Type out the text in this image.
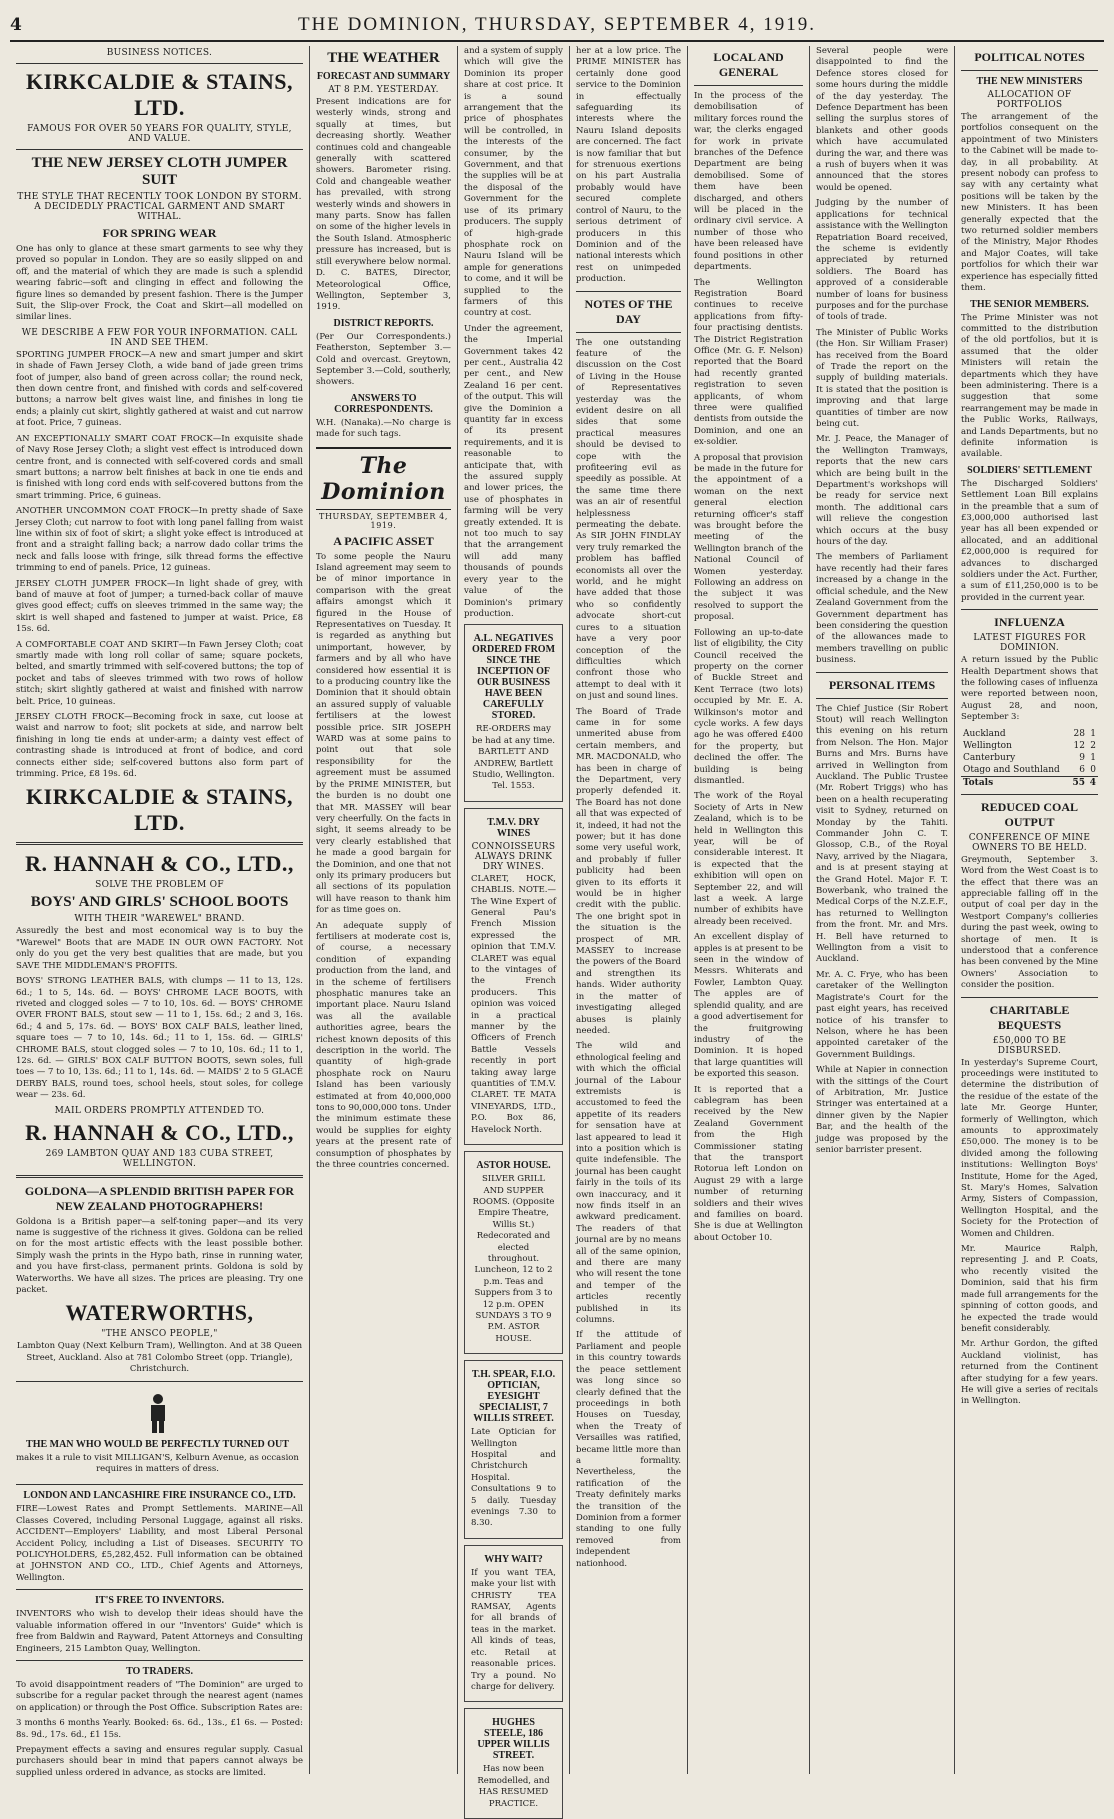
4	THE DOMINION, THURSDAY, SEPTEMBER 4, 1919.
BUSINESS NOTICES.
KIRKCALDIE & STAINS, LTD.
FAMOUS FOR OVER 50 YEARS FOR QUALITY, STYLE, AND VALUE.
THE NEW JERSEY CLOTH JUMPER SUIT
THE STYLE THAT RECENTLY TOOK LONDON BY STORM. A DECIDEDLY PRACTICAL GARMENT AND SMART WITHAL.
FOR SPRING WEAR

One has only to glance at these smart garments to see why they proved so popular in London. They are so easily slipped on and off, and the material of which they are made is such a splendid wearing fabric—soft and clinging in effect and following the figure lines so demanded by present fashion. There is the Jumper Suit, the Slip-over Frock, the Coat and Skirt—all modelled on similar lines.

WE DESCRIBE A FEW FOR YOUR INFORMATION. CALL IN AND SEE THEM.

SPORTING JUMPER FROCK—A new and smart jumper and skirt in shade of Fawn Jersey Cloth, a wide band of jade green trims foot of jumper, also band of green across collar; the round neck, then down centre front, and finished with cords and self-covered buttons; a narrow belt gives waist line, and finishes in long tie ends; a plainly cut skirt, slightly gathered at waist and cut narrow at foot. Price, 7 guineas.

AN EXCEPTIONALLY SMART COAT FROCK—In exquisite shade of Navy Rose Jersey Cloth; a slight vest effect is introduced down centre front, and is connected with self-covered cords and small smart buttons; a narrow belt finishes at back in one tie ends and is finished with long cord ends with self-covered buttons from the smart trimming. Price, 6 guineas.

ANOTHER UNCOMMON COAT FROCK—In pretty shade of Saxe Jersey Cloth; cut narrow to foot with long panel falling from waist line within six of foot of skirt; a slight yoke effect is introduced at front and a straight falling back; a narrow dado collar trims the neck and falls loose with fringe, silk thread forms the effective trimming to end of panels. Price, 12 guineas.

JERSEY CLOTH JUMPER FROCK—In light shade of grey, with band of mauve at foot of jumper; a turned-back collar of mauve gives good effect; cuffs on sleeves trimmed in the same way; the skirt is well shaped and fastened to jumper at waist. Price, £8 15s. 6d.

A COMFORTABLE COAT AND SKIRT—In Fawn Jersey Cloth; coat smartly made with long roll collar of same; square pockets, belted, and smartly trimmed with self-covered buttons; the top of pocket and tabs of sleeves trimmed with two rows of hollow stitch; skirt slightly gathered at waist and finished with narrow belt. Price, 10 guineas.

JERSEY CLOTH FROCK—Becoming frock in saxe, cut loose at waist and narrow to foot; slit pockets at side, and narrow belt finishing in long tie ends at under-arm; a dainty vest effect of contrasting shade is introduced at front of bodice, and cord connects either side; self-covered buttons also form part of trimming. Price, £8 19s. 6d.

KIRKCALDIE & STAINS, LTD.
R. HANNAH & CO., LTD.,
SOLVE THE PROBLEM OF
BOYS' AND GIRLS' SCHOOL BOOTS
WITH THEIR "WAREWEL" BRAND.

Assuredly the best and most economical way is to buy the "Warewel" Boots that are MADE IN OUR OWN FACTORY. Not only do you get the very best qualities that are made, but you SAVE THE MIDDLEMAN'S PROFITS.

BOYS' STRONG LEATHER BALS, with clumps — 11 to 13, 12s. 6d.; 1 to 5, 14s. 6d. — BOYS' CHROME LACE BOOTS, with riveted and clogged soles — 7 to 10, 10s. 6d. — BOYS' CHROME OVER FRONT BALS, stout sew — 11 to 1, 15s. 6d.; 2 and 3, 16s. 6d.; 4 and 5, 17s. 6d. — BOYS' BOX CALF BALS, leather lined, square toes — 7 to 10, 14s. 6d.; 11 to 1, 15s. 6d. — GIRLS' CHROME BALS, stout clogged soles — 7 to 10, 10s. 6d.; 11 to 1, 12s. 6d. — GIRLS' BOX CALF BUTTON BOOTS, sewn soles, full toes — 7 to 10, 13s. 6d.; 11 to 1, 14s. 6d. — MAIDS' 2 to 5 GLACÉ DERBY BALS, round toes, school heels, stout soles, for college wear — 23s. 6d.

MAIL ORDERS PROMPTLY ATTENDED TO.
R. HANNAH & CO., LTD.,
269 LAMBTON QUAY AND 183 CUBA STREET, WELLINGTON.
GOLDONA—A SPLENDID BRITISH PAPER FOR NEW ZEALAND PHOTOGRAPHERS!

Goldona is a British paper—a self-toning paper—and its very name is suggestive of the richness it gives. Goldona can be relied on for the most artistic effects with the least possible bother. Simply wash the prints in the Hypo bath, rinse in running water, and you have first-class, permanent prints. Goldona is sold by Waterworths. We have all sizes. The prices are pleasing. Try one packet.

WATERWORTHS,
"THE ANSCO PEOPLE,"

Lambton Quay (Next Kelburn Tram), Wellington. And at 38 Queen Street, Auckland. Also at 781 Colombo Street (opp. Triangle), Christchurch.

THE MAN WHO WOULD BE PERFECTLY TURNED OUT

makes it a rule to visit MILLIGAN'S, Kelburn Avenue, as occasion requires in matters of dress.

LONDON AND LANCASHIRE FIRE INSURANCE CO., LTD.

FIRE—Lowest Rates and Prompt Settlements. MARINE—All Classes Covered, including Personal Luggage, against all risks. ACCIDENT—Employers' Liability, and most Liberal Personal Accident Policy, including a List of Diseases. SECURITY TO POLICYHOLDERS, £5,282,452. Full information can be obtained at JOHNSTON AND CO., LTD., Chief Agents and Attorneys, Wellington.

IT'S FREE TO INVENTORS.

INVENTORS who wish to develop their ideas should have the valuable information offered in our "Inventors' Guide" which is free from Baldwin and Rayward, Patent Attorneys and Consulting Engineers, 215 Lambton Quay, Wellington.

TO TRADERS.

To avoid disappointment readers of "The Dominion" are urged to subscribe for a regular packet through the nearest agent (names on application) or through the Post Office. Subscription Rates are:

3 months 6 months Yearly. Booked: 6s. 6d., 13s., £1 6s. — Posted: 8s. 9d., 17s. 6d., £1 15s.

Prepayment effects a saving and ensures regular supply. Casual purchasers should bear in mind that papers cannot always be supplied unless ordered in advance, as stocks are limited.

THE WEATHER
FORECAST AND SUMMARY
AT 8 P.M. YESTERDAY.

Present indications are for westerly winds, strong and squally at times, but decreasing shortly. Weather continues cold and changeable generally with scattered showers. Barometer rising. Cold and changeable weather has prevailed, with strong westerly winds and showers in many parts. Snow has fallen on some of the higher levels in the South Island. Atmospheric pressure has increased, but is still everywhere below normal. D. C. BATES, Director, Meteorological Office, Wellington, September 3, 1919.

DISTRICT REPORTS.

(Per Our Correspondents.) Featherston, September 3.—Cold and overcast. Greytown, September 3.—Cold, southerly, showers.

ANSWERS TO CORRESPONDENTS.

W.H. (Nanaka).—No charge is made for such tags.

The Dominion
THURSDAY, SEPTEMBER 4, 1919.
A PACIFIC ASSET

To some people the Nauru Island agreement may seem to be of minor importance in comparison with the great affairs amongst which it figured in the House of Representatives on Tuesday. It is regarded as anything but unimportant, however, by farmers and by all who have considered how essential it is to a producing country like the Dominion that it should obtain an assured supply of valuable fertilisers at the lowest possible price. SIR JOSEPH WARD was at some pains to point out that sole responsibility for the agreement must be assumed by the PRIME MINISTER, but the burden is no doubt one that MR. MASSEY will bear very cheerfully. On the facts in sight, it seems already to be very clearly established that he made a good bargain for the Dominion, and one that not only its primary producers but all sections of its population will have reason to thank him for as time goes on.

An adequate supply of fertilisers at moderate cost is, of course, a necessary condition of expanding production from the land, and in the scheme of fertilisers phosphatic manures take an important place. Nauru Island was all the available authorities agree, bears the richest known deposits of this description in the world. The quantity of high-grade phosphate rock on Nauru Island has been variously estimated at from 40,000,000 tons to 90,000,000 tons. Under the minimum estimate these would be supplies for eighty years at the present rate of consumption of phosphates by the three countries concerned.

and a system of supply which will give the Dominion its proper share at cost price. It is a sound arrangement that the price of phosphates will be controlled, in the interests of the consumer, by the Government, and that the supplies will be at the disposal of the Government for the use of its primary producers. The supply of high-grade phosphate rock on Nauru Island will be ample for generations to come, and it will be supplied to the farmers of this country at cost.

Under the agreement, the Imperial Government takes 42 per cent., Australia 42 per cent., and New Zealand 16 per cent. of the output. This will give the Dominion a quantity far in excess of its present requirements, and it is reasonable to anticipate that, with the assured supply and lower prices, the use of phosphates in farming will be very greatly extended. It is not too much to say that the arrangement will add many thousands of pounds every year to the value of the Dominion's primary production.

A.L. NEGATIVES ORDERED FROM SINCE THE INCEPTION OF OUR BUSINESS HAVE BEEN CAREFULLY STORED.

RE-ORDERS may be had at any time. BARTLETT AND ANDREW, Bartlett Studio, Wellington. Tel. 1553.

T.M.V. DRY WINES
CONNOISSEURS ALWAYS DRINK DRY WINES.

CLARET, HOCK, CHABLIS. NOTE.—The Wine Expert of General Pau's French Mission expressed the opinion that T.M.V. CLARET was equal to the vintages of the French producers. This opinion was voiced in a practical manner by the Officers of French Battle Vessels recently in port taking away large quantities of T.M.V. CLARET. TE MATA VINEYARDS, LTD., P.O. Box 86, Havelock North.

ASTOR HOUSE.

SILVER GRILL AND SUPPER ROOMS. (Opposite Empire Theatre, Willis St.) Redecorated and elected throughout. Luncheon, 12 to 2 p.m. Teas and Suppers from 3 to 12 p.m. OPEN SUNDAYS 3 TO 9 P.M. ASTOR HOUSE.

T.H. SPEAR, F.I.O. OPTICIAN, EYESIGHT SPECIALIST, 7 WILLIS STREET.

Late Optician for Wellington Hospital and Christchurch Hospital. Consultations 9 to 5 daily. Tuesday evenings 7.30 to 8.30.

WHY WAIT?

If you want TEA, make your list with CHRISTY TEA RAMSAY, Agents for all brands of teas in the market. All kinds of teas, etc. Retail at reasonable prices. Try a pound. No charge for delivery.

HUGHES STEELE, 186 UPPER WILLIS STREET.

Has now been Remodelled, and HAS RESUMED PRACTICE.

her at a low price. The PRIME MINISTER has certainly done good service to the Dominion in effectually safeguarding its interests where the Nauru Island deposits are concerned. The fact is now familiar that but for strenuous exertions on his part Australia probably would have secured complete control of Nauru, to the serious detriment of producers in this Dominion and of the national interests which rest on unimpeded production.

NOTES OF THE DAY

The one outstanding feature of the discussion on the Cost of Living in the House of Representatives yesterday was the evident desire on all sides that some practical measures should be devised to cope with the profiteering evil as speedily as possible. At the same time there was an air of resentful helplessness permeating the debate. As SIR JOHN FINDLAY very truly remarked the problem has baffled economists all over the world, and he might have added that those who so confidently advocate short-cut cures to a situation have a very poor conception of the difficulties which confront those who attempt to deal with it on just and sound lines.

The Board of Trade came in for some unmerited abuse from certain members, and MR. MACDONALD, who has been in charge of the Department, very properly defended it. The Board has not done all that was expected of it, indeed, it had not the power; but it has done some very useful work, and probably if fuller publicity had been given to its efforts it would be in higher credit with the public. The one bright spot in the situation is the prospect of MR. MASSEY to increase the powers of the Board and strengthen its hands. Wider authority in the matter of investigating alleged abuses is plainly needed.

The wild and ethnological feeling and with which the official journal of the Labour extremists is accustomed to feed the appetite of its readers for sensation have at last appeared to lead it into a position which is quite indefensible. The journal has been caught fairly in the toils of its own inaccuracy, and it now finds itself in an awkward predicament. The readers of that journal are by no means all of the same opinion, and there are many who will resent the tone and temper of the articles recently published in its columns.

If the attitude of Parliament and people in this country towards the peace settlement was long since so clearly defined that the proceedings in both Houses on Tuesday, when the Treaty of Versailles was ratified, became little more than a formality. Nevertheless, the ratification of the Treaty definitely marks the transition of the Dominion from a former standing to one fully removed from independent nationhood.

LOCAL AND GENERAL

In the process of the demobilisation of military forces round the war, the clerks engaged for work in private branches of the Defence Department are being demobilised. Some of them have been discharged, and others will be placed in the ordinary civil service. A number of those who have been released have found positions in other departments.

The Wellington Registration Board continues to receive applications from fifty-four practising dentists. The District Registration Office (Mr. G. F. Nelson) reported that the Board had recently granted registration to seven applicants, of whom three were qualified dentists from outside the Dominion, and one an ex-soldier.

A proposal that provision be made in the future for the appointment of a woman on the next general election returning officer's staff was brought before the meeting of the Wellington branch of the National Council of Women yesterday. Following an address on the subject it was resolved to support the proposal.

Following an up-to-date list of eligibility, the City Council received the property on the corner of Buckle Street and Kent Terrace (two lots) occupied by Mr. E. A. Wilkinson's motor and cycle works. A few days ago he was offered £400 for the property, but declined the offer. The building is being dismantled.

The work of the Royal Society of Arts in New Zealand, which is to be held in Wellington this year, will be of considerable interest. It is expected that the exhibition will open on September 22, and will last a week. A large number of exhibits have already been received.

An excellent display of apples is at present to be seen in the window of Messrs. Whiterats and Fowler, Lambton Quay. The apples are of splendid quality, and are a good advertisement for the fruitgrowing industry of the Dominion. It is hoped that large quantities will be exported this season.

It is reported that a cablegram has been received by the New Zealand Government from the High Commissioner stating that the transport Rotorua left London on August 29 with a large number of returning soldiers and their wives and families on board. She is due at Wellington about October 10.

Several people were disappointed to find the Defence stores closed for some hours during the middle of the day yesterday. The Defence Department has been selling the surplus stores of blankets and other goods which have accumulated during the war, and there was a rush of buyers when it was announced that the stores would be opened.

Judging by the number of applications for technical assistance with the Wellington Repatriation Board received, the scheme is evidently appreciated by returned soldiers. The Board has approved of a considerable number of loans for business purposes and for the purchase of tools of trade.

The Minister of Public Works (the Hon. Sir William Fraser) has received from the Board of Trade the report on the supply of building materials. It is stated that the position is improving and that large quantities of timber are now being cut.

Mr. J. Peace, the Manager of the Wellington Tramways, reports that the new cars which are being built in the Department's workshops will be ready for service next month. The additional cars will relieve the congestion which occurs at the busy hours of the day.

The members of Parliament have recently had their fares increased by a change in the official schedule, and the New Zealand Government from the Government department has been considering the question of the allowances made to members travelling on public business.

PERSONAL ITEMS

The Chief Justice (Sir Robert Stout) will reach Wellington this evening on his return from Nelson. The Hon. Major Burns and Mrs. Burns have arrived in Wellington from Auckland. The Public Trustee (Mr. Robert Triggs) who has been on a health recuperating visit to Sydney, returned on Monday by the Tahiti. Commander John C. T. Glossop, C.B., of the Royal Navy, arrived by the Niagara, and is at present staying at the Grand Hotel. Major F. T. Bowerbank, who trained the Medical Corps of the N.Z.E.F., has returned to Wellington from the front. Mr. and Mrs. H. Bell have returned to Wellington from a visit to Auckland.

Mr. A. C. Frye, who has been caretaker of the Wellington Magistrate's Court for the past eight years, has received notice of his transfer to Nelson, where he has been appointed caretaker of the Government Buildings.

While at Napier in connection with the sittings of the Court of Arbitration, Mr. Justice Stringer was entertained at a dinner given by the Napier Bar, and the health of the judge was proposed by the senior barrister present.

POLITICAL NOTES
THE NEW MINISTERS
ALLOCATION OF PORTFOLIOS

The arrangement of the portfolios consequent on the appointment of two Ministers to the Cabinet will be made to-day, in all probability. At present nobody can profess to say with any certainty what positions will be taken by the new Ministers. It has been generally expected that the two returned soldier members of the Ministry, Major Rhodes and Major Coates, will take portfolios for which their war experience has especially fitted them.

THE SENIOR MEMBERS.

The Prime Minister was not committed to the distribution of the old portfolios, but it is assumed that the older Ministers will retain the departments which they have been administering. There is a suggestion that some rearrangement may be made in the Public Works, Railways, and Lands Departments, but no definite information is available.

SOLDIERS' SETTLEMENT

The Discharged Soldiers' Settlement Loan Bill explains in the preamble that a sum of £3,000,000 authorised last year has all been expended or allocated, and an additional £2,000,000 is required for advances to discharged soldiers under the Act. Further, a sum of £11,250,000 is to be provided in the current year.

INFLUENZA
LATEST FIGURES FOR DOMINION.

A return issued by the Public Health Department shows that the following cases of influenza were reported between noon, August 28, and noon, September 3:

Auckland	28	1
Wellington	12	2
Canterbury	9	1
Otago and Southland	6	0
Totals	55	4
REDUCED COAL OUTPUT
CONFERENCE OF MINE OWNERS TO BE HELD.

Greymouth, September 3. Word from the West Coast is to the effect that there was an appreciable falling off in the output of coal per day in the Westport Company's collieries during the past week, owing to shortage of men. It is understood that a conference has been convened by the Mine Owners' Association to consider the position.

CHARITABLE BEQUESTS
£50,000 TO BE DISBURSED.

In yesterday's Supreme Court, proceedings were instituted to determine the distribution of the residue of the estate of the late Mr. George Hunter, formerly of Wellington, which amounts to approximately £50,000. The money is to be divided among the following institutions: Wellington Boys' Institute, Home for the Aged, St. Mary's Homes, Salvation Army, Sisters of Compassion, Wellington Hospital, and the Society for the Protection of Women and Children.

Mr. Maurice Ralph, representing J. and P. Coats, who recently visited the Dominion, said that his firm made full arrangements for the spinning of cotton goods, and he expected the trade would benefit considerably.

Mr. Arthur Gordon, the gifted Auckland violinist, has returned from the Continent after studying for a few years. He will give a series of recitals in Wellington.
